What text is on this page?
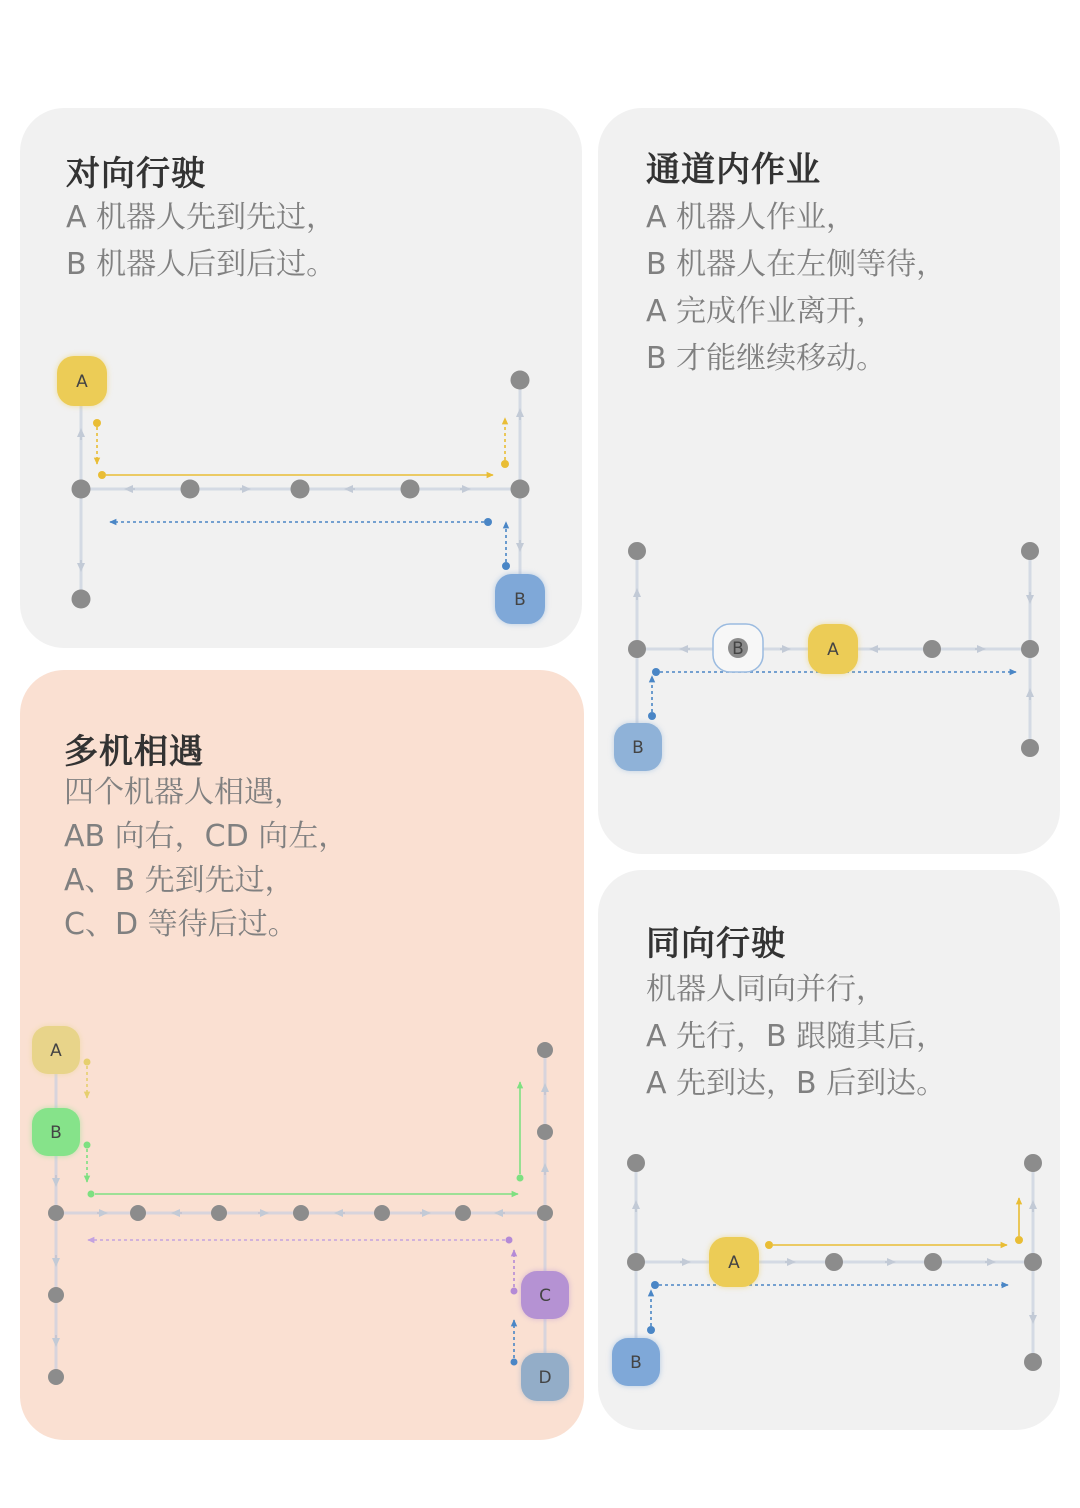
对向行驶
A 机器人先到先过，
B 机器人后到后过。
通道内作业
A 机器人作业，
B 机器人在左侧等待，
A 完成作业离开，
B 才能继续移动。
多机相遇
四个机器人相遇，
AB 向右，CD 向左，
A、B 先到先过，
C、D 等待后过。	同向行驶
机器人同向并行，
A 先行，B 跟随其后，
A 先到达，B 后到达。
A
B
B	A
B
A
B
C
D
A
B
